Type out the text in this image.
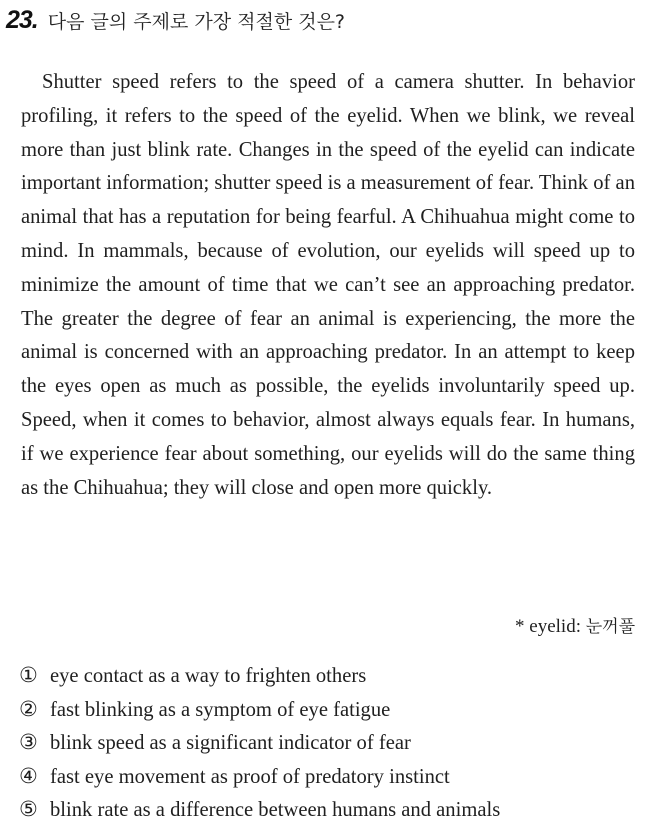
23. 다음 글의 주제로 가장 적절한 것은?

Shutter speed refers to the speed of a camera shutter. In behavior profiling, it refers to the speed of the eyelid. When we blink, we reveal more than just blink rate. Changes in the speed of the eyelid can indicate important information; shutter speed is a measurement of fear. Think of an animal that has a reputation for being fearful. A Chihuahua might come to mind. In mammals, because of evolution, our eyelids will speed up to minimize the amount of time that we can’t see an approaching predator. The greater the degree of fear an animal is experiencing, the more the animal is concerned with an approaching predator. In an attempt to keep the eyes open as much as possible, the eyelids involuntarily speed up. Speed, when it comes to behavior, almost always equals fear. In humans, if we experience fear about something, our eyelids will do the same thing as the Chihuahua; they will close and open more quickly.

* eyelid: 눈꺼풀
① eye contact as a way to frighten others
② fast blinking as a symptom of eye fatigue
③ blink speed as a significant indicator of fear
④ fast eye movement as proof of predatory instinct
⑤ blink rate as a difference between humans and animals
